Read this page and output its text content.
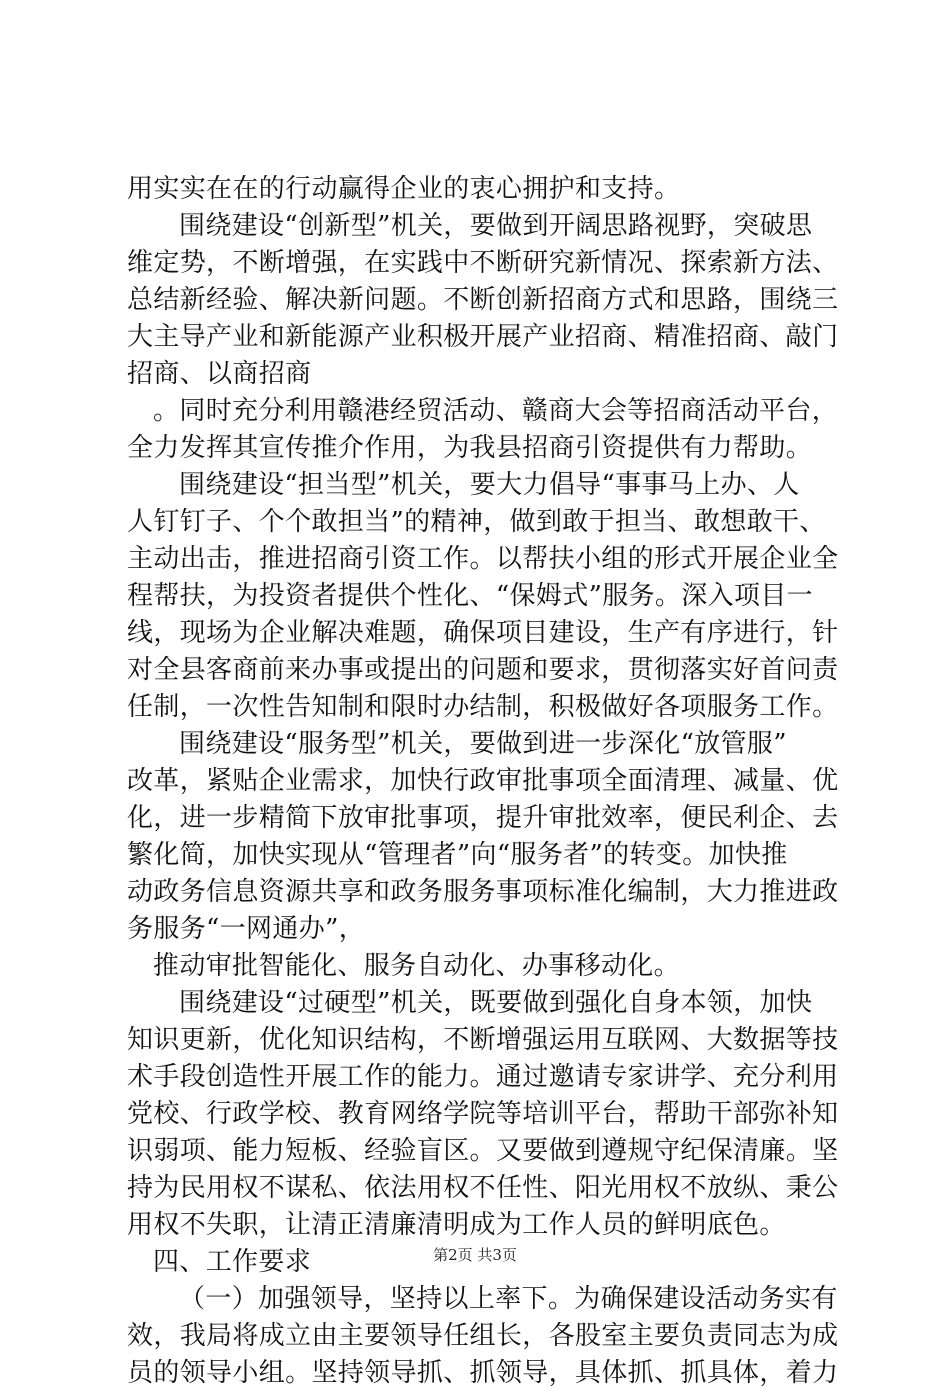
用实实在在的行动赢得企业的衷心拥护和支持。
围绕建设“创新型”机关，要做到开阔思路视野，突破思
维定势，不断增强，在实践中不断研究新情况、探索新方法、
总结新经验、解决新问题。不断创新招商方式和思路，围绕三
大主导产业和新能源产业积极开展产业招商、精准招商、敲门
招商、以商招商
。同时充分利用赣港经贸活动、赣商大会等招商活动平台，
全力发挥其宣传推介作用，为我县招商引资提供有力帮助。
围绕建设“担当型”机关，要大力倡导“事事马上办、人
人钉钉子、个个敢担当”的精神，做到敢于担当、敢想敢干、
主动出击，推进招商引资工作。以帮扶小组的形式开展企业全
程帮扶，为投资者提供个性化、“保姆式”服务。深入项目一
线，现场为企业解决难题，确保项目建设，生产有序进行，针
对全县客商前来办事或提出的问题和要求，贯彻落实好首问责
任制，一次性告知制和限时办结制，积极做好各项服务工作。
围绕建设“服务型”机关，要做到进一步深化“放管服”
改革，紧贴企业需求，加快行政审批事项全面清理、减量、优
化，进一步精简下放审批事项，提升审批效率，便民利企、去
繁化简，加快实现从“管理者”向“服务者”的转变。加快推
动政务信息资源共享和政务服务事项标准化编制，大力推进政
务服务“一网通办”，
推动审批智能化、服务自动化、办事移动化。
围绕建设“过硬型”机关，既要做到强化自身本领，加快
知识更新，优化知识结构，不断增强运用互联网、大数据等技
术手段创造性开展工作的能力。通过邀请专家讲学、充分利用
党校、行政学校、教育网络学院等培训平台，帮助干部弥补知
识弱项、能力短板、经验盲区。又要做到遵规守纪保清廉。坚
持为民用权不谋私、依法用权不任性、阳光用权不放纵、秉公
用权不失职，让清正清廉清明成为工作人员的鲜明底色。
四、工作要求
（一）加强领导，坚持以上率下。为确保建设活动务实有
效，我局将成立由主要领导任组长，各股室主要负责同志为成
员的领导小组。坚持领导抓、抓领导，具体抓、抓具体，着力
第2页 共3页
